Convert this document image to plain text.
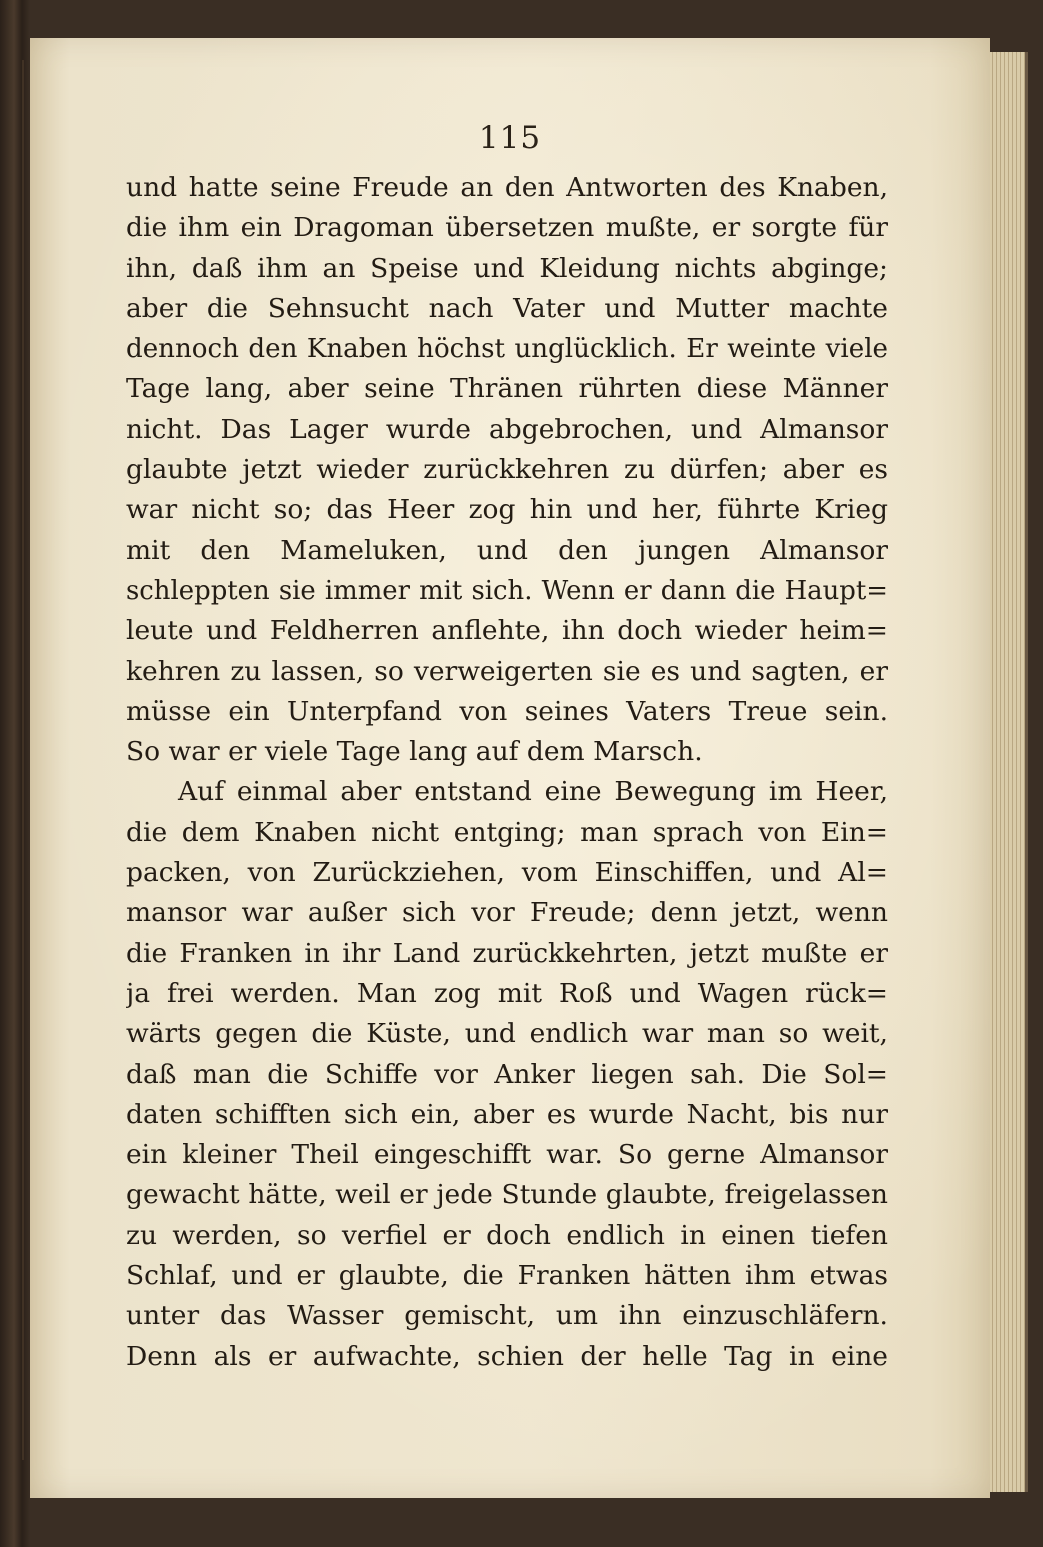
115
und hatte seine Freude an den Antworten des Knaben,
die ihm ein Dragoman übersetzen mußte, er sorgte für
ihn, daß ihm an Speise und Kleidung nichts abginge;
aber die Sehnsucht nach Vater und Mutter machte
dennoch den Knaben höchst unglücklich. Er weinte viele
Tage lang, aber seine Thränen rührten diese Männer
nicht. Das Lager wurde abgebrochen, und Almansor
glaubte jetzt wieder zurückkehren zu dürfen; aber es
war nicht so; das Heer zog hin und her, führte Krieg
mit den Mameluken, und den jungen Almansor
schleppten sie immer mit sich. Wenn er dann die Haupt=
leute und Feldherren anflehte, ihn doch wieder heim=
kehren zu lassen, so verweigerten sie es und sagten, er
müsse ein Unterpfand von seines Vaters Treue sein.
So war er viele Tage lang auf dem Marsch.
Auf einmal aber entstand eine Bewegung im Heer,
die dem Knaben nicht entging; man sprach von Ein=
packen, von Zurückziehen, vom Einschiffen, und Al=
mansor war außer sich vor Freude; denn jetzt, wenn
die Franken in ihr Land zurückkehrten, jetzt mußte er
ja frei werden. Man zog mit Roß und Wagen rück=
wärts gegen die Küste, und endlich war man so weit,
daß man die Schiffe vor Anker liegen sah. Die Sol=
daten schifften sich ein, aber es wurde Nacht, bis nur
ein kleiner Theil eingeschifft war. So gerne Almansor
gewacht hätte, weil er jede Stunde glaubte, freigelassen
zu werden, so verfiel er doch endlich in einen tiefen
Schlaf, und er glaubte, die Franken hätten ihm etwas
unter das Wasser gemischt, um ihn einzuschläfern.
Denn als er aufwachte, schien der helle Tag in eine
